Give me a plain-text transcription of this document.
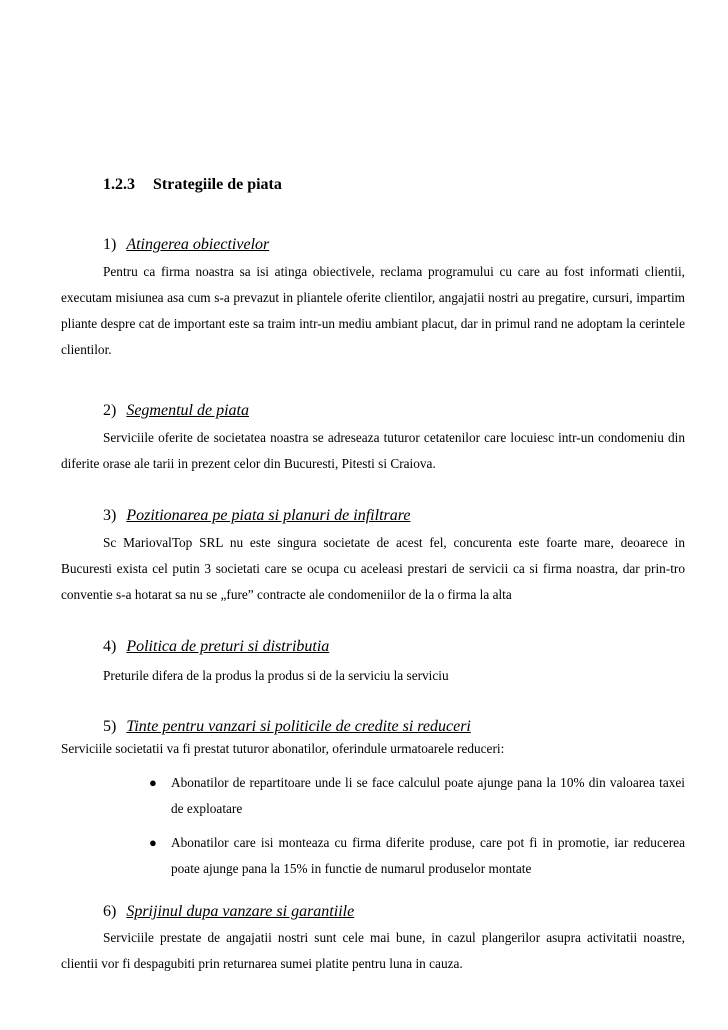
1.2.3 Strategiile de piata
1) Atingerea obiectivelor

Pentru ca firma noastra sa isi atinga obiectivele, reclama programului cu care au fost informati clientii, executam misiunea asa cum s-a prevazut in pliantele oferite clientilor, angajatii nostri au pregatire, cursuri, impartim pliante despre cat de important este sa traim intr-un mediu ambiant placut, dar in primul rand ne adoptam la cerintele clientilor.

2) Segmentul de piata

Serviciile oferite de societatea noastra se adreseaza tuturor cetatenilor care locuiesc intr-un condomeniu din diferite orase ale tarii in prezent celor din Bucuresti, Pitesti si Craiova.

3) Pozitionarea pe piata si planuri de infiltrare

Sc MariovalTop SRL nu este singura societate de acest fel, concurenta este foarte mare, deoarece in Bucuresti exista cel putin 3 societati care se ocupa cu aceleasi prestari de servicii ca si firma noastra, dar prin-tro conventie s-a hotarat sa nu se „fure” contracte ale condomeniilor de la o firma la alta

4) Politica de preturi si distributia

Preturile difera de la produs la produs si de la serviciu la serviciu

5) Tinte pentru vanzari si politicile de credite si reduceri

Serviciile societatii va fi prestat tuturor abonatilor, oferindule urmatoarele reduceri:

● Abonatilor de repartitoare unde li se face calculul poate ajunge pana la 10% din valoarea taxei de exploatare
● Abonatilor care isi monteaza cu firma diferite produse, care pot fi in promotie, iar reducerea poate ajunge pana la 15% in functie de numarul produselor montate
6) Sprijinul dupa vanzare si garantiile

Serviciile prestate de angajatii nostri sunt cele mai bune, in cazul plangerilor asupra activitatii noastre, clientii vor fi despagubiti prin returnarea sumei platite pentru luna in cauza.
